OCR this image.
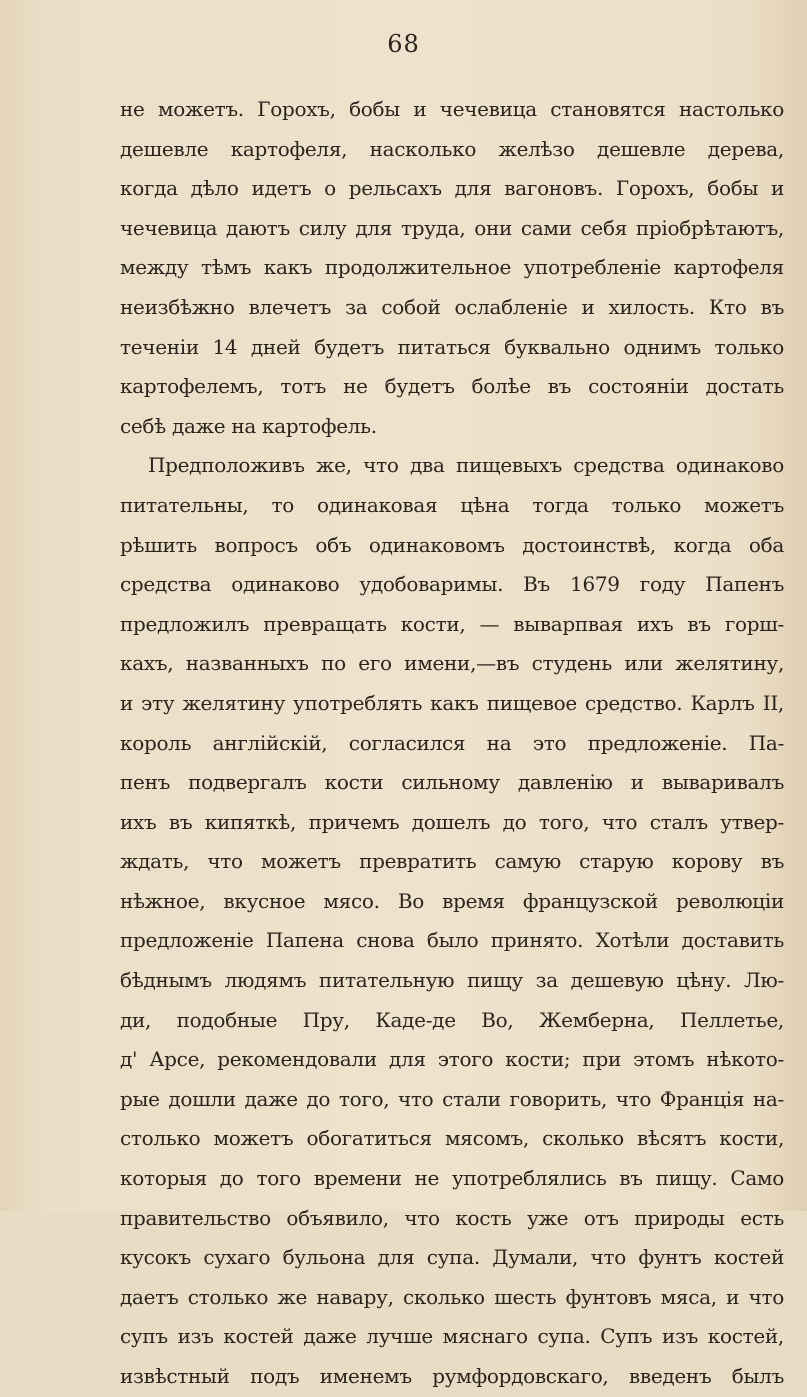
68
не можетъ. Горохъ, бобы и чечевица становятся настолько
дешевле картофеля, насколько желѣзо дешевле дерева,
когда дѣло идетъ о рельсахъ для вагоновъ. Горохъ, бобы и
чечевица даютъ силу для труда, они сами себя пріобрѣтаютъ,
между тѣмъ какъ продолжительное употребленіе картофеля
неизбѣжно влечетъ за собой ослабленіе и хилость. Кто въ
теченіи 14 дней будетъ питаться буквально однимъ только
картофелемъ, тотъ не будетъ болѣе въ состояніи достать
себѣ даже на картофель.
Предположивъ же, что два пищевыхъ средства одинаково
питательны, то одинаковая цѣна тогда только можетъ
рѣшить вопросъ объ одинаковомъ достоинствѣ, когда оба
средства одинаково удобоваримы. Въ 1679 году Папенъ
предложилъ превращать кости, — выварпвая ихъ въ горш-
кахъ, названныхъ по его имени,—въ студень или желятину,
и эту желятину употреблять какъ пищевое средство. Карлъ II,
король англійскій, согласился на это предложеніе. Па-
пенъ подвергалъ кости сильному давленію и вываривалъ
ихъ въ кипяткѣ, причемъ дошелъ до того, что сталъ утвер-
ждать, что можетъ превратить самую старую корову въ
нѣжное, вкусное мясо. Во время французской революціи
предложеніе Папена снова было принято. Хотѣли доставить
бѣднымъ людямъ питательную пищу за дешевую цѣну. Лю-
ди, подобные Пру, Каде-де Во, Жемберна, Пеллетье,
д' Арсе, рекомендовали для этого кости; при этомъ нѣкото-
рые дошли даже до того, что стали говорить, что Франція на-
столько можетъ обогатиться мясомъ, сколько вѣсятъ кости,
которыя до того времени не употреблялись въ пищу. Само
правительство объявило, что кость уже отъ природы есть
кусокъ сухаго бульона для супа. Думали, что фунтъ костей
даетъ столько же навару, сколько шесть фунтовъ мяса, и что
супъ изъ костей даже лучше мяснаго супа. Супъ изъ костей,
извѣстный подъ именемъ румфордовскаго, введенъ былъ
